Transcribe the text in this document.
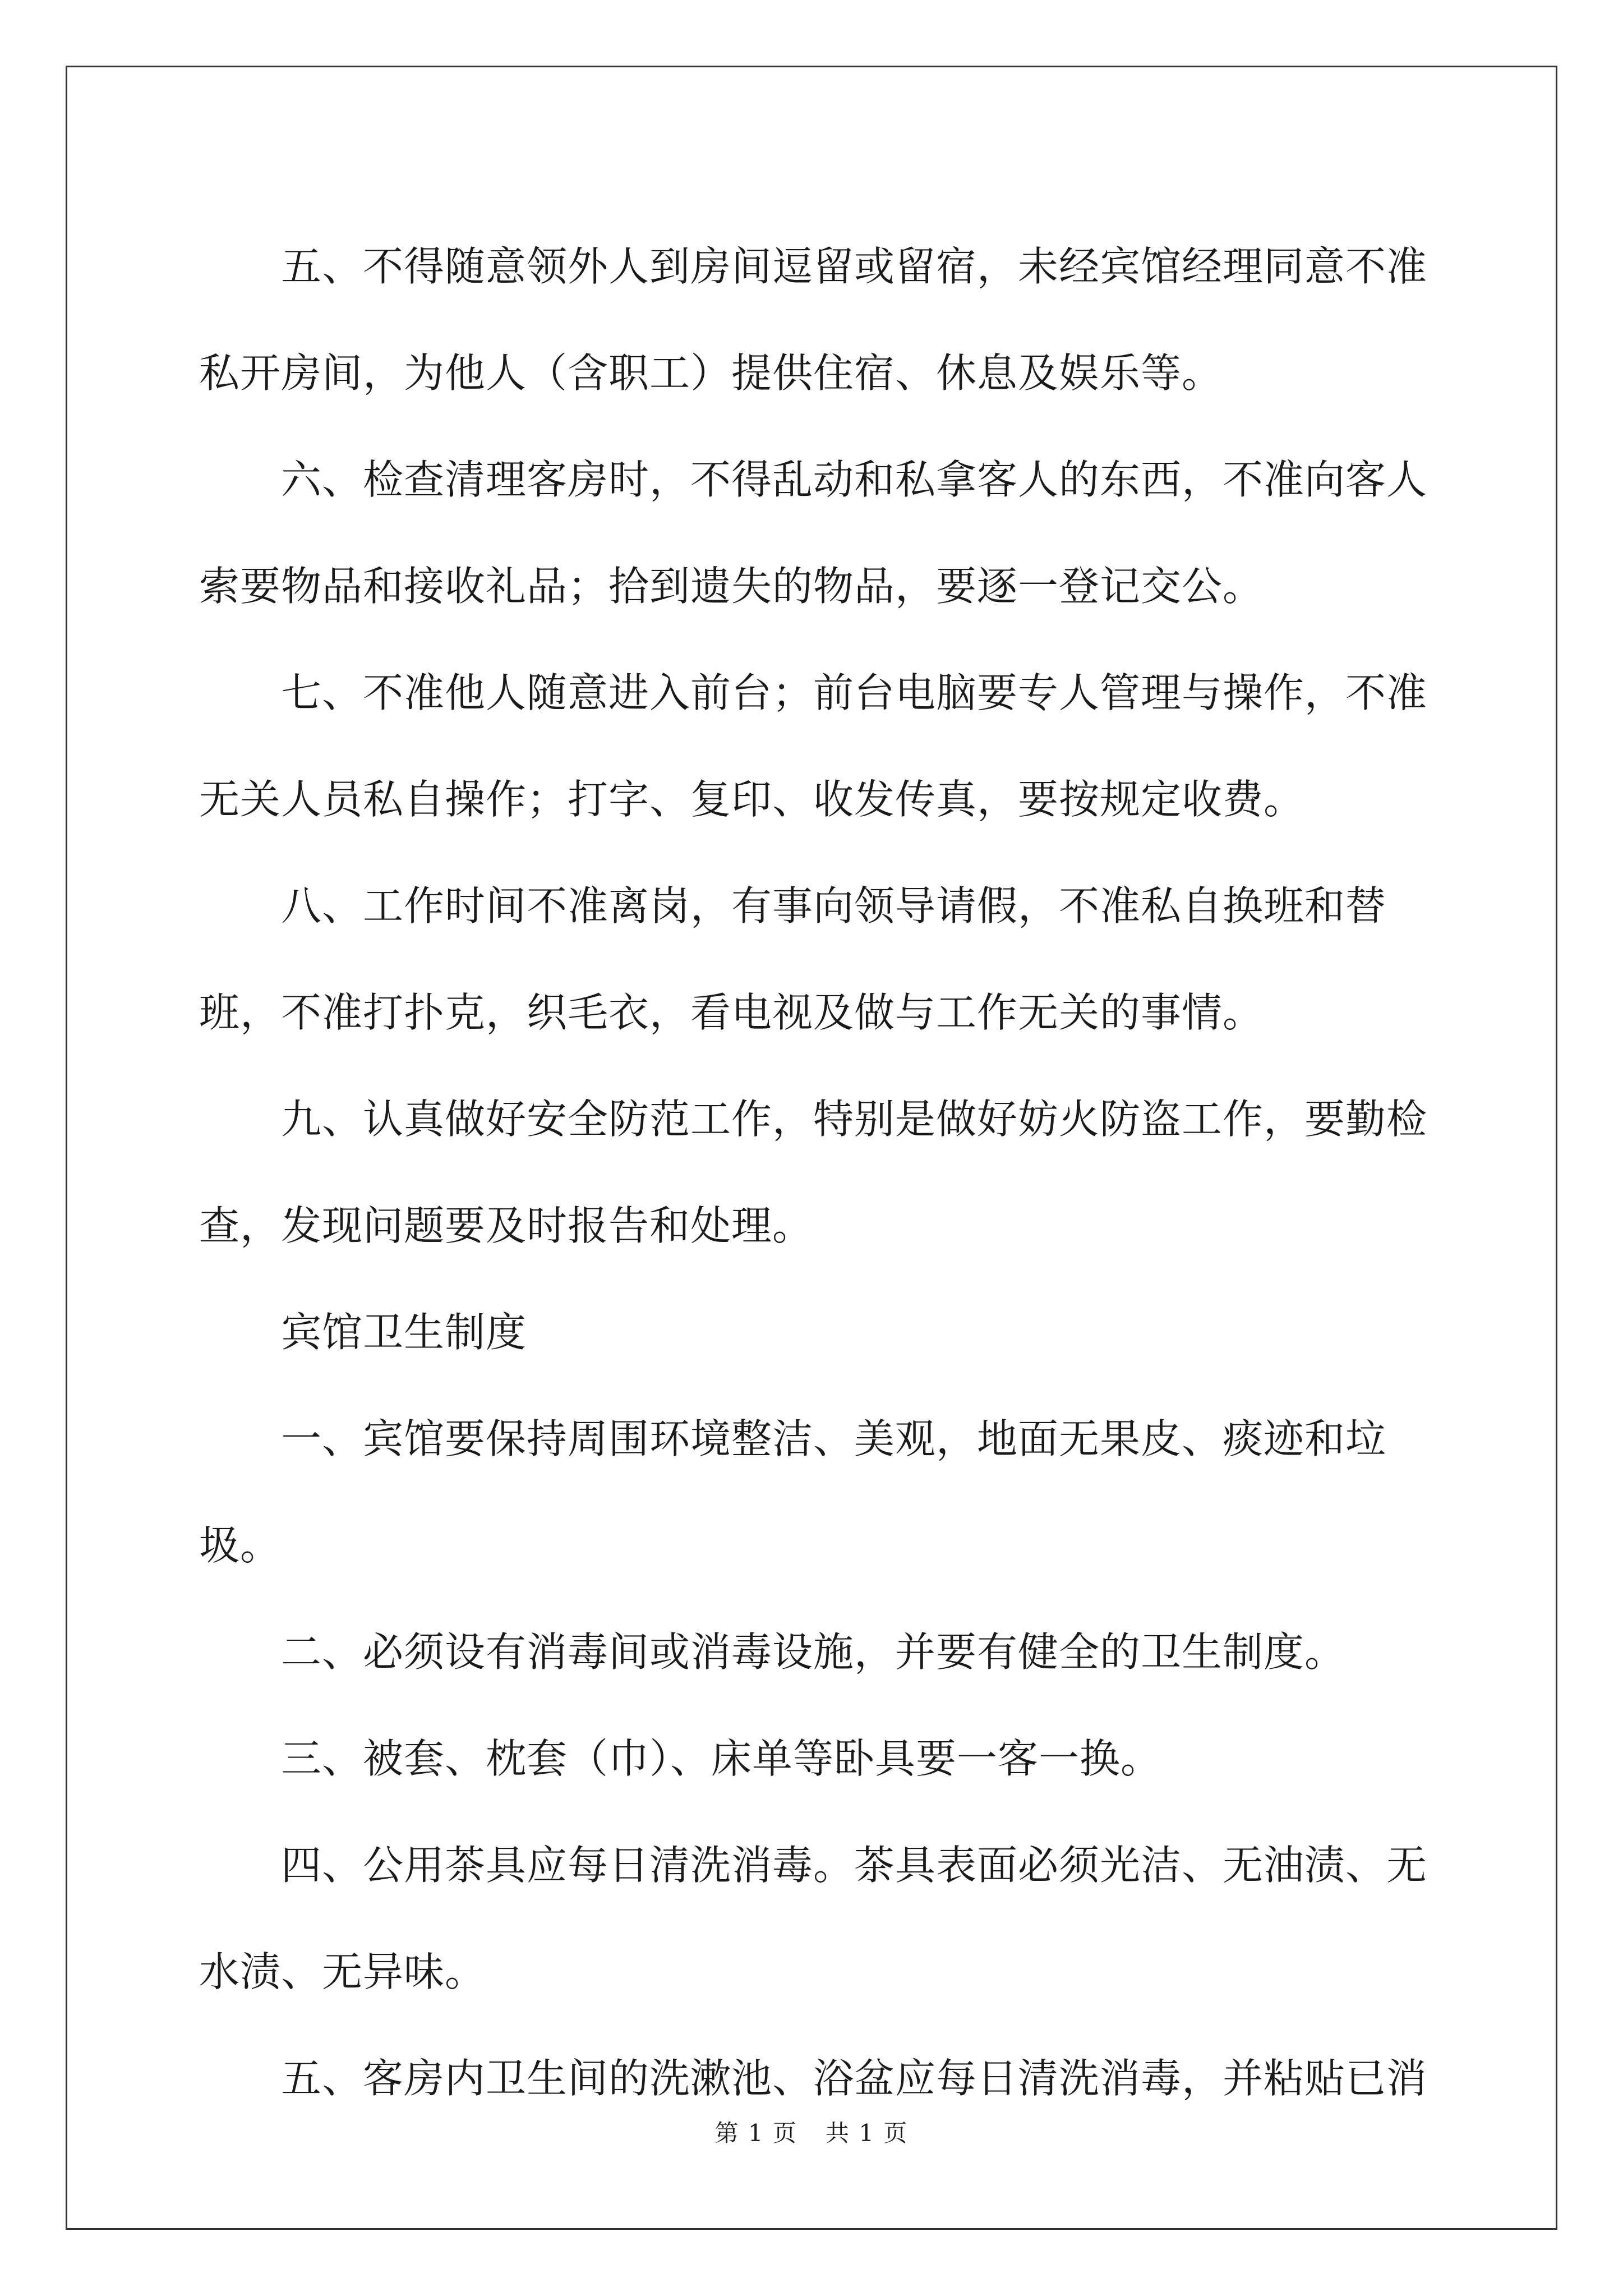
五、不得随意领外人到房间逗留或留宿，未经宾馆经理同意不准私开房间，为他人（含职工）提供住宿、休息及娱乐等。

六、检查清理客房时，不得乱动和私拿客人的东西，不准向客人索要物品和接收礼品；拾到遗失的物品，要逐一登记交公。

七、不准他人随意进入前台；前台电脑要专人管理与操作，不准无关人员私自操作；打字、复印、收发传真，要按规定收费。

八、工作时间不准离岗，有事向领导请假，不准私自换班和替班，不准打扑克，织毛衣，看电视及做与工作无关的事情。

九、认真做好安全防范工作，特别是做好妨火防盗工作，要勤检查，发现问题要及时报告和处理。

宾馆卫生制度

一、宾馆要保持周围环境整洁、美观，地面无果皮、痰迹和垃圾。

二、必须设有消毒间或消毒设施，并要有健全的卫生制度。

三、被套、枕套（巾）、床单等卧具要一客一换。

四、公用茶具应每日清洗消毒。茶具表面必须光洁、无油渍、无水渍、无异味。

五、客房内卫生间的洗漱池、浴盆应每日清洗消毒，并粘贴已消

第 1 页 共 1 页
